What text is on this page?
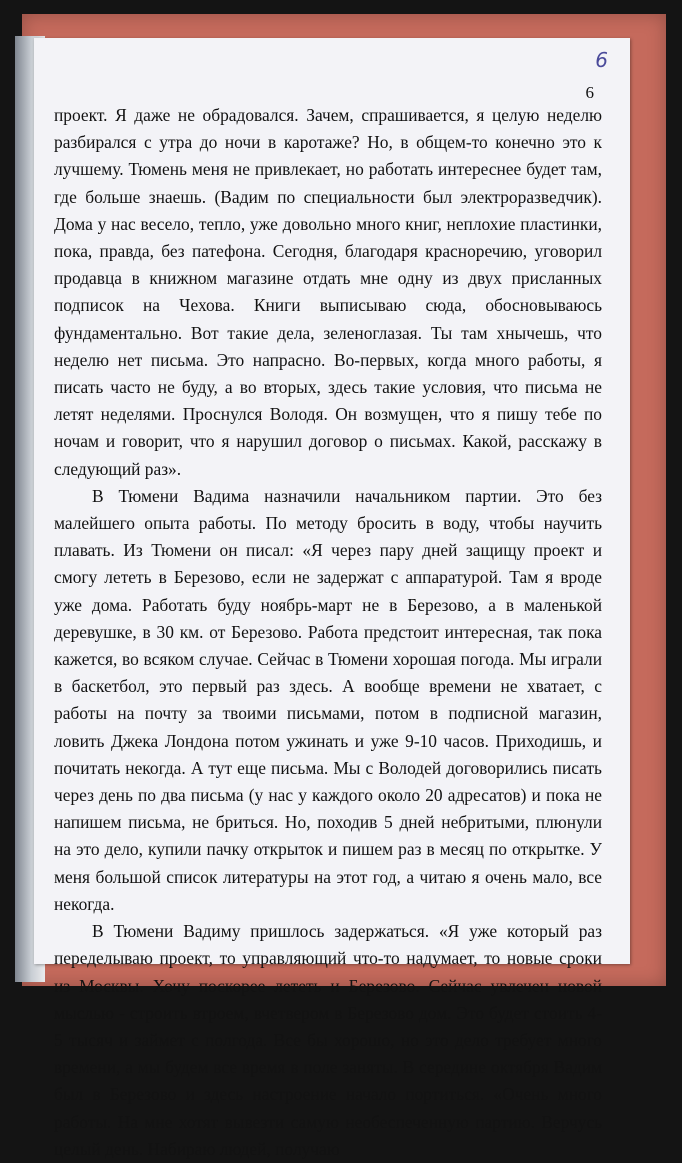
6
6

проект. Я даже не обрадовался. Зачем, спрашивается, я целую неделю разбирался с утра до ночи в каротаже? Но, в общем-то конечно это к лучшему. Тюмень меня не привлекает, но работать интереснее будет там, где больше знаешь. (Вадим по специальности был электроразведчик). Дома у нас весело, тепло, уже довольно много книг, неплохие пластинки, пока, правда, без патефона. Сегодня, благодаря красноречию, уговорил продавца в книжном магазине отдать мне одну из двух присланных подписок на Чехова. Книги выписываю сюда, обосновываюсь фундаментально. Вот такие дела, зеленоглазая. Ты там хнычешь, что неделю нет письма. Это напрасно. Во-первых, когда много работы, я писать часто не буду, а во вторых, здесь такие условия, что письма не летят неделями. Проснулся Володя. Он возмущен, что я пишу тебе по ночам и говорит, что я нарушил договор о письмах. Какой, расскажу в следующий раз».

В Тюмени Вадима назначили начальником партии. Это без малейшего опыта работы. По методу бросить в воду, чтобы научить плавать. Из Тюмени он писал: «Я через пару дней защищу проект и смогу лететь в Березово, если не задержат с аппаратурой. Там я вроде уже дома. Работать буду ноябрь-март не в Березово, а в маленькой деревушке, в 30 км. от Березово. Работа предстоит интересная, так пока кажется, во всяком случае. Сейчас в Тюмени хорошая погода. Мы играли в баскетбол, это первый раз здесь. А вообще времени не хватает, с работы на почту за твоими письмами, потом в подписной магазин, ловить Джека Лондона потом ужинать и уже 9-10 часов. Приходишь, и почитать некогда. А тут еще письма. Мы с Володей договорились писать через день по два письма (у нас у каждого около 20 адресатов) и пока не напишем письма, не бриться. Но, походив 5 дней небритыми, плюнули на это дело, купили пачку открыток и пишем раз в месяц по открытке. У меня большой список литературы на этот год, а читаю я очень мало, все некогда.

В Тюмени Вадиму пришлось задержаться. «Я уже который раз переделываю проект, то управляющий что-то надумает, то новые сроки из Москвы. Хочу поскорее лететь и Березово. Сейчас увлечен новой мыслью - строить втроем, вчетвером в Березово дом. Это будет стоить 4-5 тысяч и займет с полгода. Все бы хорошо, но это дело требует много времени, а мы будем все время в поле заняты. В середине октября Вадим был в Березово и здесь настроение начало портиться. «Очень много работы. На мне хотят вывезти самую необеспеченную партию. Верчусь целый день. Набираю людей, получаю
